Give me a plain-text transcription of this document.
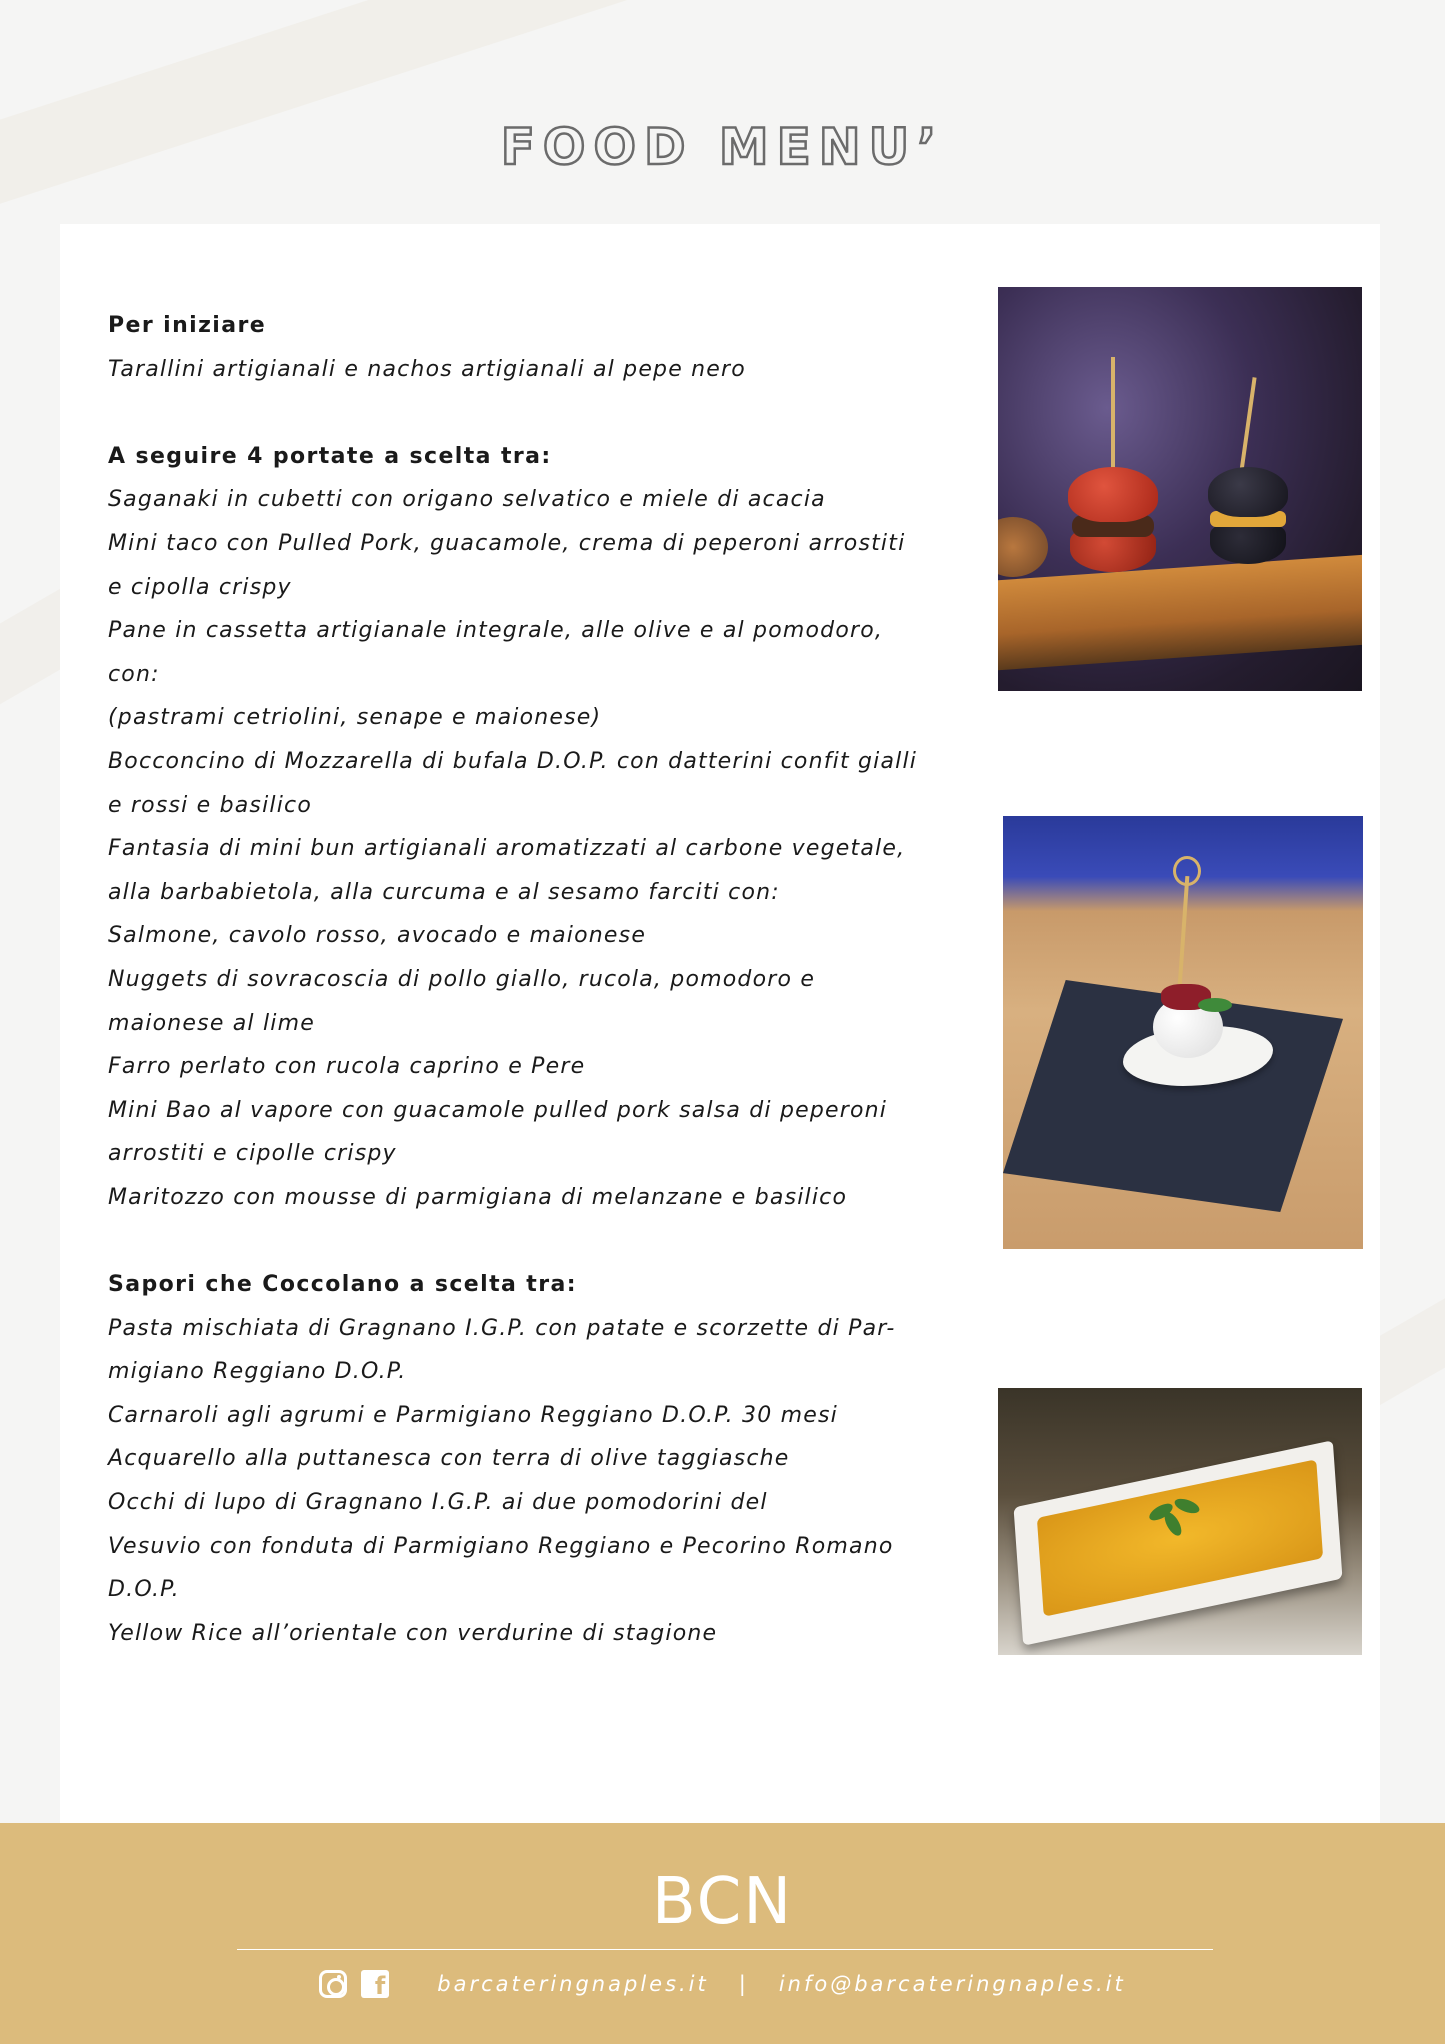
FOOD MENU’
Per iniziare
Tarallini artigianali e nachos artigianali al pepe nero
A seguire 4 portate a scelta tra:
Saganaki in cubetti con origano selvatico e miele di acacia
Mini taco con Pulled Pork, guacamole, crema di peperoni arrostiti
e cipolla crispy
Pane in cassetta artigianale integrale, alle olive e al pomodoro,
con:
(pastrami cetriolini, senape e maionese)
Bocconcino di Mozzarella di bufala D.O.P. con datterini confit gialli
e rossi e basilico
Fantasia di mini bun artigianali aromatizzati al carbone vegetale,
alla barbabietola, alla curcuma e al sesamo farciti con:
Salmone, cavolo rosso, avocado e maionese
Nuggets di sovracoscia di pollo giallo, rucola, pomodoro e
maionese al lime
Farro perlato con rucola caprino e Pere
Mini Bao al vapore con guacamole pulled pork salsa di peperoni
arrostiti e cipolle crispy
Maritozzo con mousse di parmigiana di melanzane e basilico
Sapori che Coccolano a scelta tra:
Pasta mischiata di Gragnano I.G.P. con patate e scorzette di Par-
migiano Reggiano D.O.P.
Carnaroli agli agrumi e Parmigiano Reggiano D.O.P. 30 mesi
Acquarello alla puttanesca con terra di olive taggiasche
Occhi di lupo di Gragnano I.G.P. ai due pomodorini del
Vesuvio con fonduta di Parmigiano Reggiano e Pecorino Romano
D.O.P.
Yellow Rice all’orientale con verdurine di stagione
BCN
f barcateringnaples.it | info@barcateringnaples.it
